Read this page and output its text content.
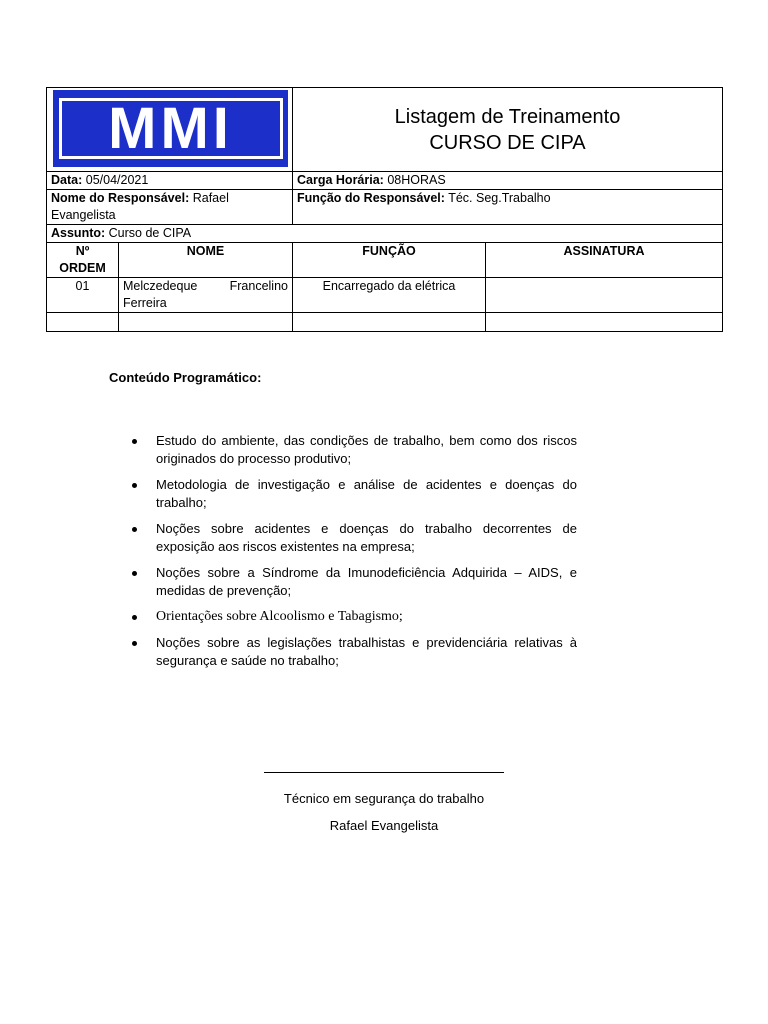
MMI		Listagem de Treinamento
CURSO DE CIPA	

Data: 05/04/2021		Carga Horária: 08HORAS	
Nome do Responsável: Rafael Evangelista		Função do Responsável: Téc. Seg.Trabalho	
Assunto: Curso de CIPA			
Nº ORDEM	NOME	FUNÇÃO	ASSINATURA
01	Melczedeque Francelino Ferreira	Encarregado da elétrica	

Conteúdo Programático:
Estudo do ambiente, das condições de trabalho, bem como dos riscos originados do processo produtivo;
Metodologia de investigação e análise de acidentes e doenças do trabalho;
Noções sobre acidentes e doenças do trabalho decorrentes de exposição aos riscos existentes na empresa;
Noções sobre a Síndrome da Imunodeficiência Adquirida – AIDS, e medidas de prevenção;
Orientações sobre Alcoolismo e Tabagismo;
Noções sobre as legislações trabalhistas e previdenciária relativas à segurança e saúde no trabalho;
Técnico em segurança do trabalho
Rafael Evangelista
